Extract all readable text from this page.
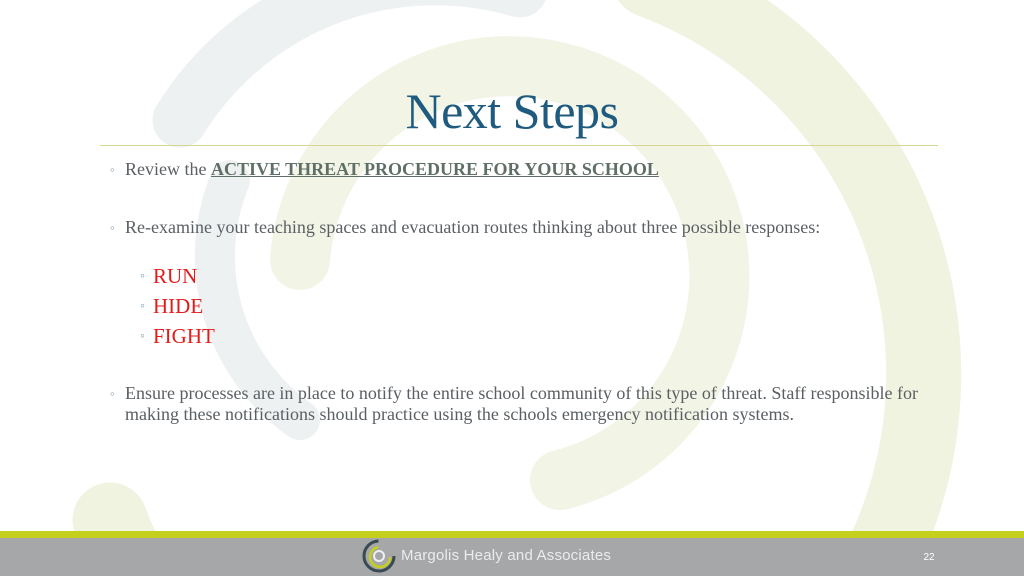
Next Steps
◦ Review the ACTIVE THREAT PROCEDURE FOR YOUR SCHOOL
◦ Re-examine your teaching spaces and evacuation routes thinking about three possible responses:
◦ RUN
◦ HIDE
◦ FIGHT
◦ Ensure processes are in place to notify the entire school community of this type of threat. Staff responsible for making these notifications should practice using the schools emergency notification systems.
Margolis Healy and Associates	22
